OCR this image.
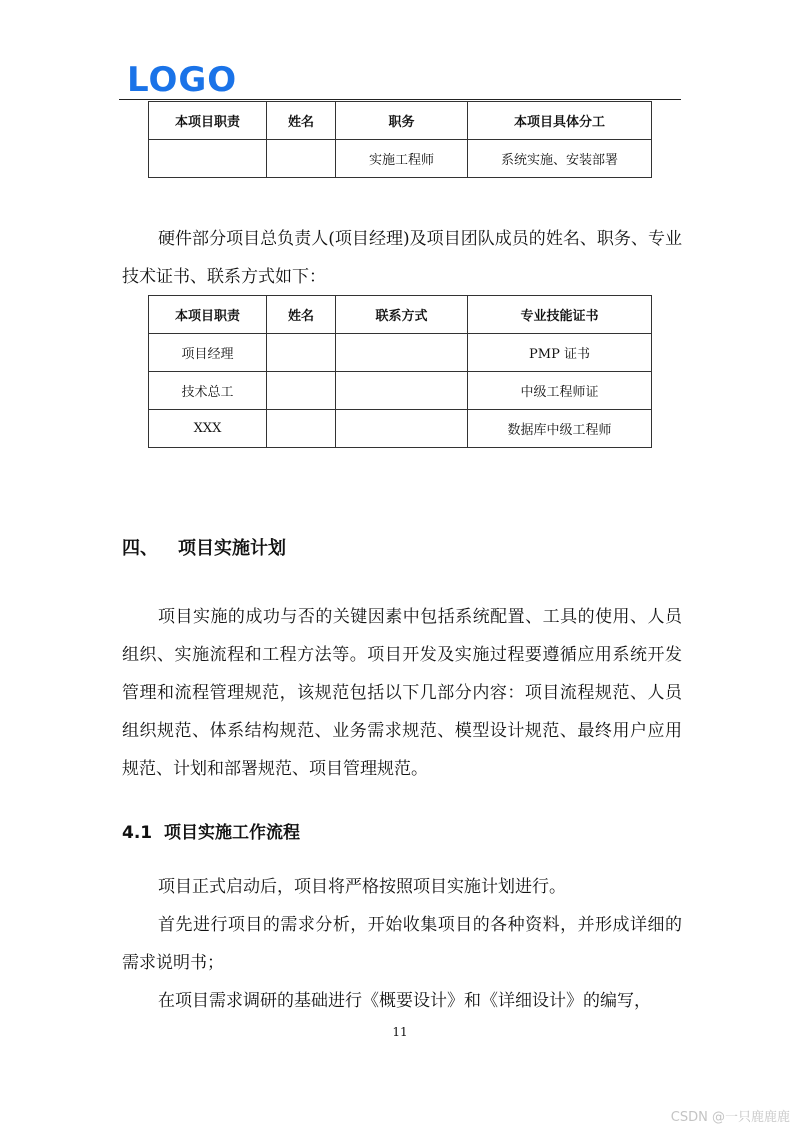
LOGO
本项目职责	姓名	职务	本项目具体分工
		实施工程师	系统实施、安装部署

硬件部分项目总负责人(项目经理)及项目团队成员的姓名、职务、专业技术证书、联系方式如下：

本项目职责	姓名	联系方式	专业技能证书
项目经理			PMP 证书
技术总工			中级工程师证
XXX			数据库中级工程师
四、 项目实施计划

项目实施的成功与否的关键因素中包括系统配置、工具的使用、人员组织、实施流程和工程方法等。项目开发及实施过程要遵循应用系统开发管理和流程管理规范，该规范包括以下几部分内容：项目流程规范、人员组织规范、体系结构规范、业务需求规范、模型设计规范、最终用户应用规范、计划和部署规范、项目管理规范。

4.1 项目实施工作流程

项目正式启动后，项目将严格按照项目实施计划进行。

首先进行项目的需求分析，开始收集项目的各种资料，并形成详细的需求说明书；

在项目需求调研的基础进行《概要设计》和《详细设计》的编写，

11
CSDN @一只鹿鹿鹿
